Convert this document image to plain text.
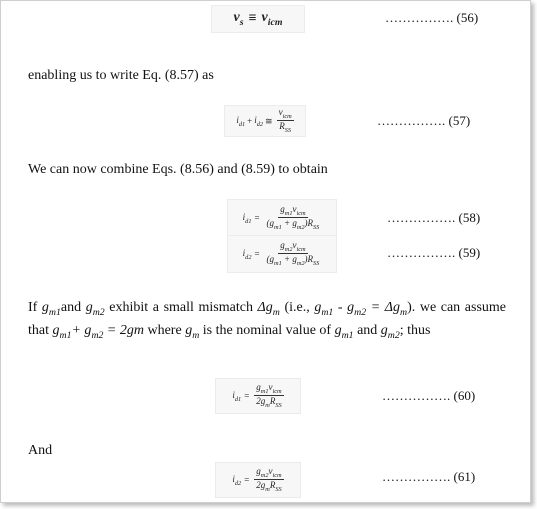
$v_s \equiv v_{icm}$	……………. (56)
enabling us to write Eq. (8.57) as
$i_{d1} + i_{d2}$ ≅ $\frac{v_{icm}}{R_{SS}}$	……………. (57)
We can now combine Eqs. (8.56) and (8.59) to obtain
$i_{d1} = \frac{g_{m1}v_{icm}}{(g_{m1} + g_{m2})R_{SS}}$	……………. (58)
$i_{d2} = \frac{g_{m2}v_{icm}}{(g_{m1} + g_{m2})R_{SS}}$	……………. (59)
If $g_{m1}and$ $g_{m2}$ exhibit a small mismatch $\Delta g_m$ (i.e., $g_{m1} - g_{m2} = \Delta g_m$). we can assume that $g_{m1}+ g_{m2} = 2gm$ where $g_m$ is the nominal value of $g_{m1}$ and $g_{m2}$; thus
$i_{d1} = \frac{g_{m1}v_{icm}}{2g_mR_{SS}}$	……………. (60)
And
$i_{d2} = \frac{g_{m2}v_{icm}}{2g_mR_{SS}}$	……………. (61)
